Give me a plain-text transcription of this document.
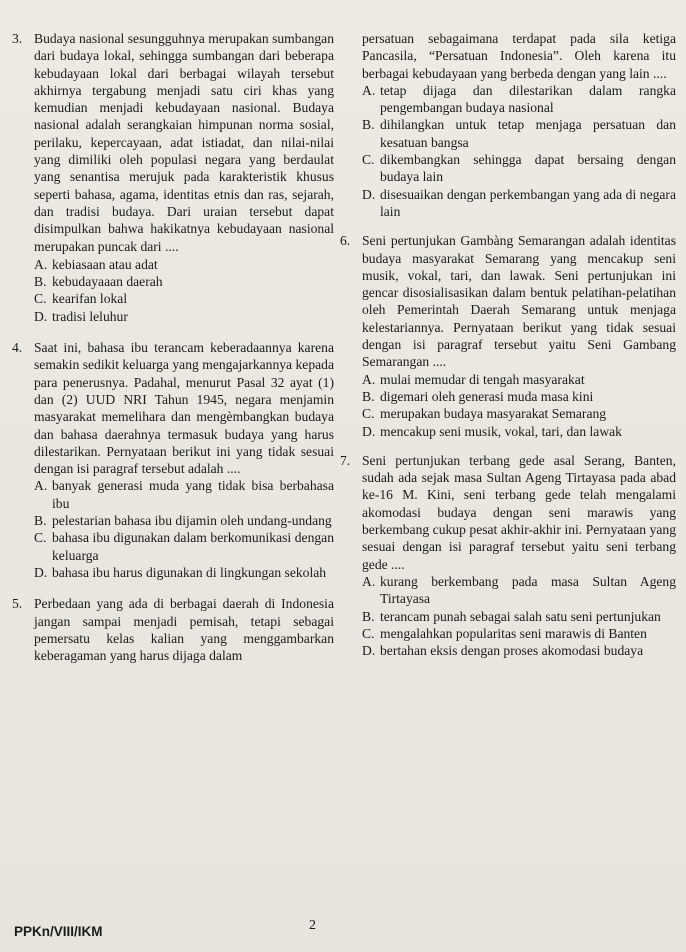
3. Budaya nasional sesungguhnya merupakan sumbangan dari budaya lokal, sehingga sumbangan dari beberapa kebudayaan lokal dari berbagai wilayah tersebut akhirnya tergabung menjadi satu ciri khas yang kemudian menjadi kebudayaan nasional. Budaya nasional adalah serangkaian himpunan norma sosial, perilaku, kepercayaan, adat istiadat, dan nilai-nilai yang dimiliki oleh populasi negara yang berdaulat yang senantisa merujuk pada karakteristik khusus seperti bahasa, agama, identitas etnis dan ras, sejarah, dan tradisi budaya. Dari uraian tersebut dapat disimpulkan bahwa hakikatnya kebudayaan nasional merupakan puncak dari ....
A. kebiasaan atau adat
B. kebudayaaan daerah
C. kearifan lokal
D. tradisi leluhur
4. Saat ini, bahasa ibu terancam keberadaannya karena semakin sedikit keluarga yang mengajarkannya kepada para penerusnya. Padahal, menurut Pasal 32 ayat (1) dan (2) UUD NRI Tahun 1945, negara menjamin masyarakat memelihara dan mengèmbangkan budaya dan bahasa daerahnya termasuk budaya yang harus dilestarikan. Pernyataan berikut ini yang tidak sesuai dengan isi paragraf tersebut adalah ....
A. banyak generasi muda yang tidak bisa berbahasa ibu
B. pelestarian bahasa ibu dijamin oleh undang-undang
C. bahasa ibu digunakan dalam berkomunikasi dengan keluarga
D. bahasa ibu harus digunakan di lingkungan sekolah
5. Perbedaan yang ada di berbagai daerah di Indonesia jangan sampai menjadi pemisah, tetapi sebagai pemersatu kelas kalian yang menggambarkan keberagaman yang harus dijaga dalam
persatuan sebagaimana terdapat pada sila ketiga Pancasila, “Persatuan Indonesia”. Oleh karena itu berbagai kebudayaan yang berbeda dengan yang lain ....
A. tetap dijaga dan dilestarikan dalam rangka pengembangan budaya nasional
B. dihilangkan untuk tetap menjaga persatuan dan kesatuan bangsa
C. dikembangkan sehingga dapat bersaing dengan budaya lain
D. disesuaikan dengan perkembangan yang ada di negara lain
6. Seni pertunjukan Gambàng Semarangan adalah identitas budaya masyarakat Semarang yang mencakup seni musik, vokal, tari, dan lawak. Seni pertunjukan ini gencar disosialisasikan dalam bentuk pelatihan-pelatihan oleh Pemerintah Daerah Semarang untuk menjaga kelestariannya. Pernyataan berikut yang tidak sesuai dengan isi paragraf tersebut yaitu Seni Gambang Semarangan ....
A. mulai memudar di tengah masyarakat
B. digemari oleh generasi muda masa kini
C. merupakan budaya masyarakat Semarang
D. mencakup seni musik, vokal, tari, dan lawak
7. Seni pertunjukan terbang gede asal Serang, Banten, sudah ada sejak masa Sultan Ageng Tirtayasa pada abad ke-16 M. Kini, seni terbang gede telah mengalami akomodasi budaya dengan seni marawis yang berkembang cukup pesat akhir-akhir ini. Pernyataan yang sesuai dengan isi paragraf tersebut yaitu seni terbang gede ....
A. kurang berkembang pada masa Sultan Ageng Tirtayasa
B. terancam punah sebagai salah satu seni pertunjukan
C. mengalahkan popularitas seni marawis di Banten
D. bertahan eksis dengan proses akomodasi budaya
PPKn/VIII/IKM	2
